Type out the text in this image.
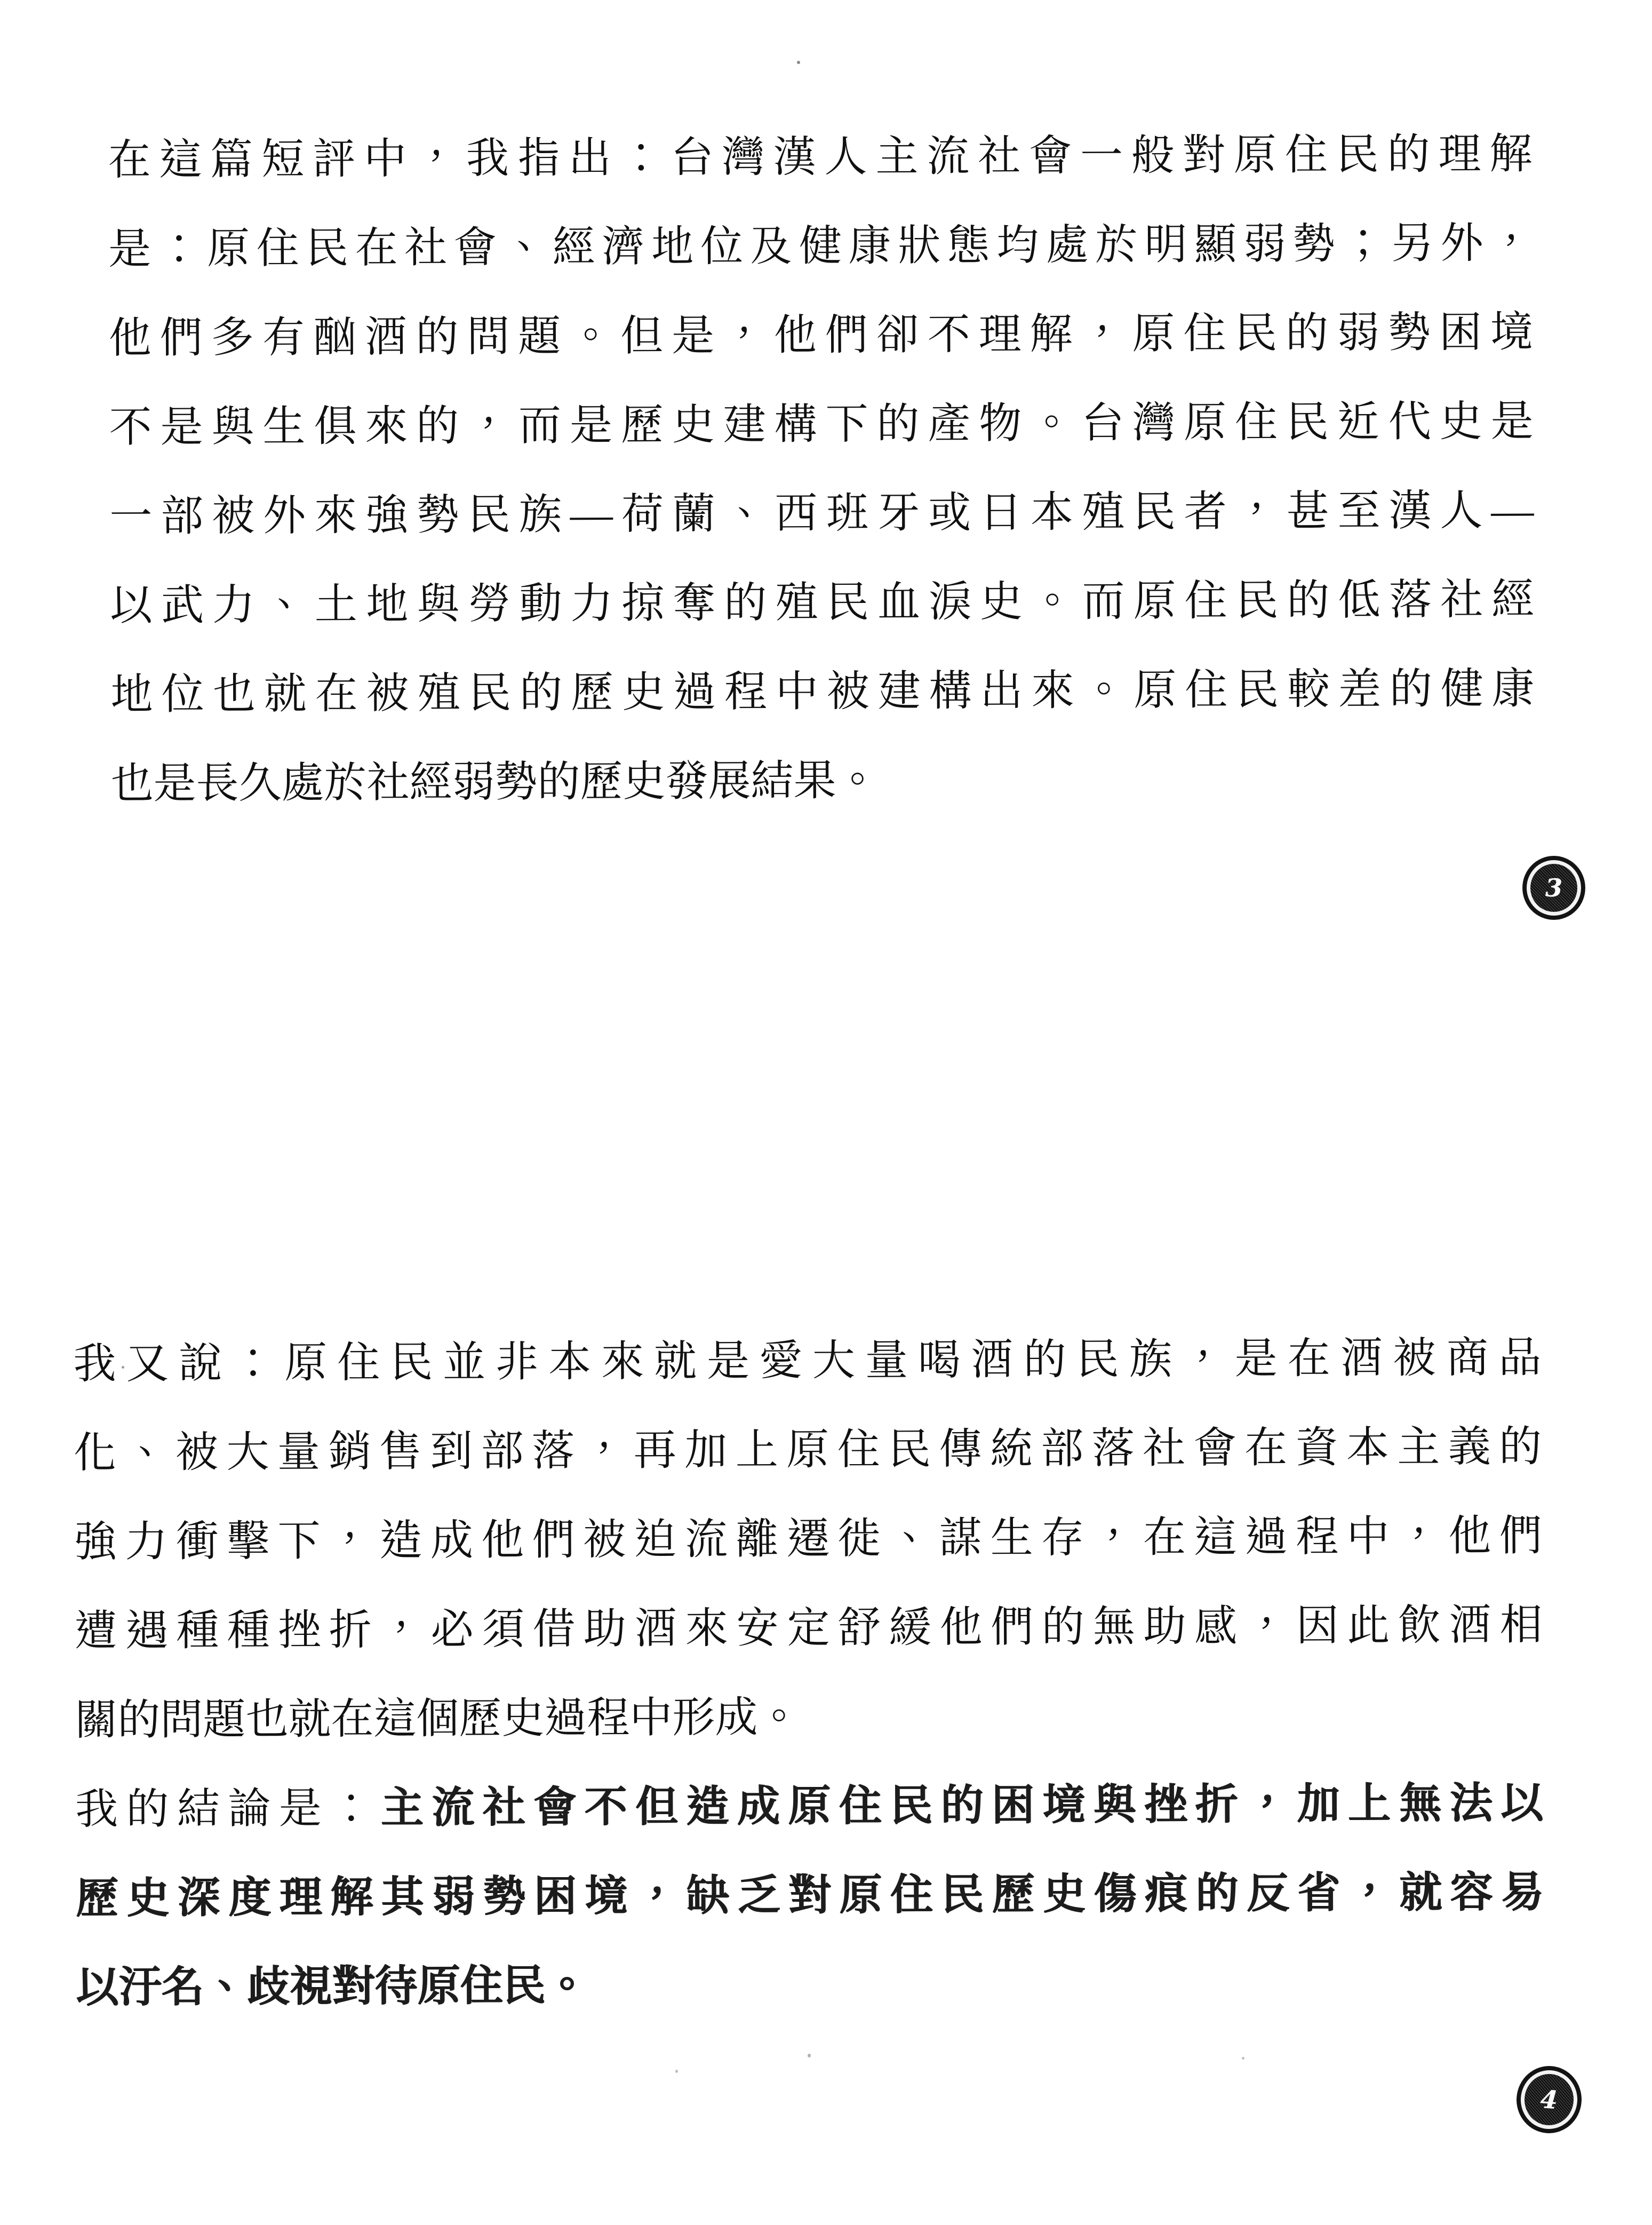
在這篇短評中，我指出：台灣漢人主流社會一般對原住民的理解
是：原住民在社會、經濟地位及健康狀態均處於明顯弱勢；另外，
他們多有酗酒的問題。但是，他們卻不理解，原住民的弱勢困境
不是與生俱來的，而是歷史建構下的產物。台灣原住民近代史是
一部被外來強勢民族—荷蘭、西班牙或日本殖民者，甚至漢人—
以武力、土地與勞動力掠奪的殖民血淚史。而原住民的低落社經
地位也就在被殖民的歷史過程中被建構出來。原住民較差的健康
也是長久處於社經弱勢的歷史發展結果。
3
我又說：原住民並非本來就是愛大量喝酒的民族，是在酒被商品
化、被大量銷售到部落，再加上原住民傳統部落社會在資本主義的
強力衝擊下，造成他們被迫流離遷徙、謀生存，在這過程中，他們
遭遇種種挫折，必須借助酒來安定舒緩他們的無助感，因此飲酒相
關的問題也就在這個歷史過程中形成。
我的結論是：主流社會不但造成原住民的困境與挫折，加上無法以
歷史深度理解其弱勢困境，缺乏對原住民歷史傷痕的反省，就容易
以汙名、歧視對待原住民。
4
